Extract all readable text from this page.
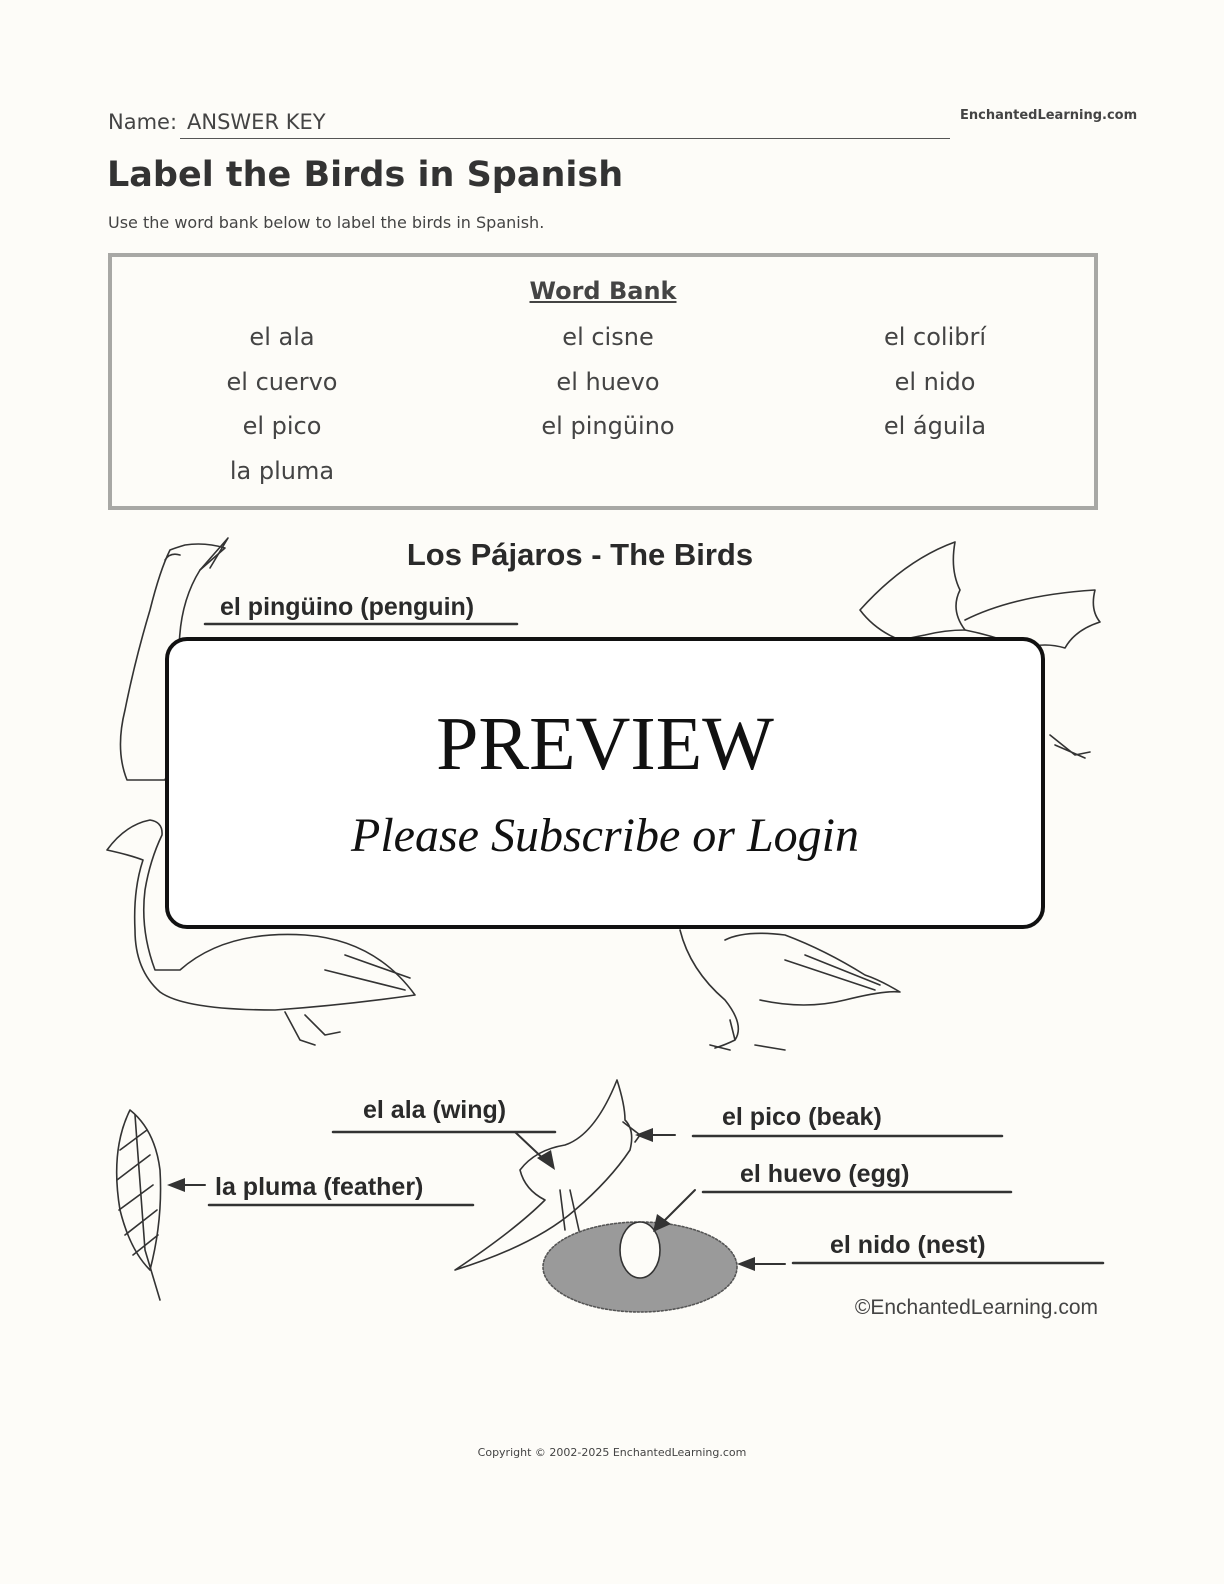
Name: ANSWER KEY	EnchantedLearning.com
Label the Birds in Spanish
Use the word bank below to label the birds in Spanish.
Word Bank
el ala	el cisne	el colibrí
el cuervo	el huevo	el nido
el pico	el pingüino	el águila
la pluma
Los Pájaros - The Birds
el pingüino (penguin)
el ala (wing)	el pico (beak)
la pluma (feather)	el huevo (egg)
el nido (nest)
©EnchantedLearning.com
PREVIEW
Please Subscribe or Login
Copyright © 2002-2025 EnchantedLearning.com
